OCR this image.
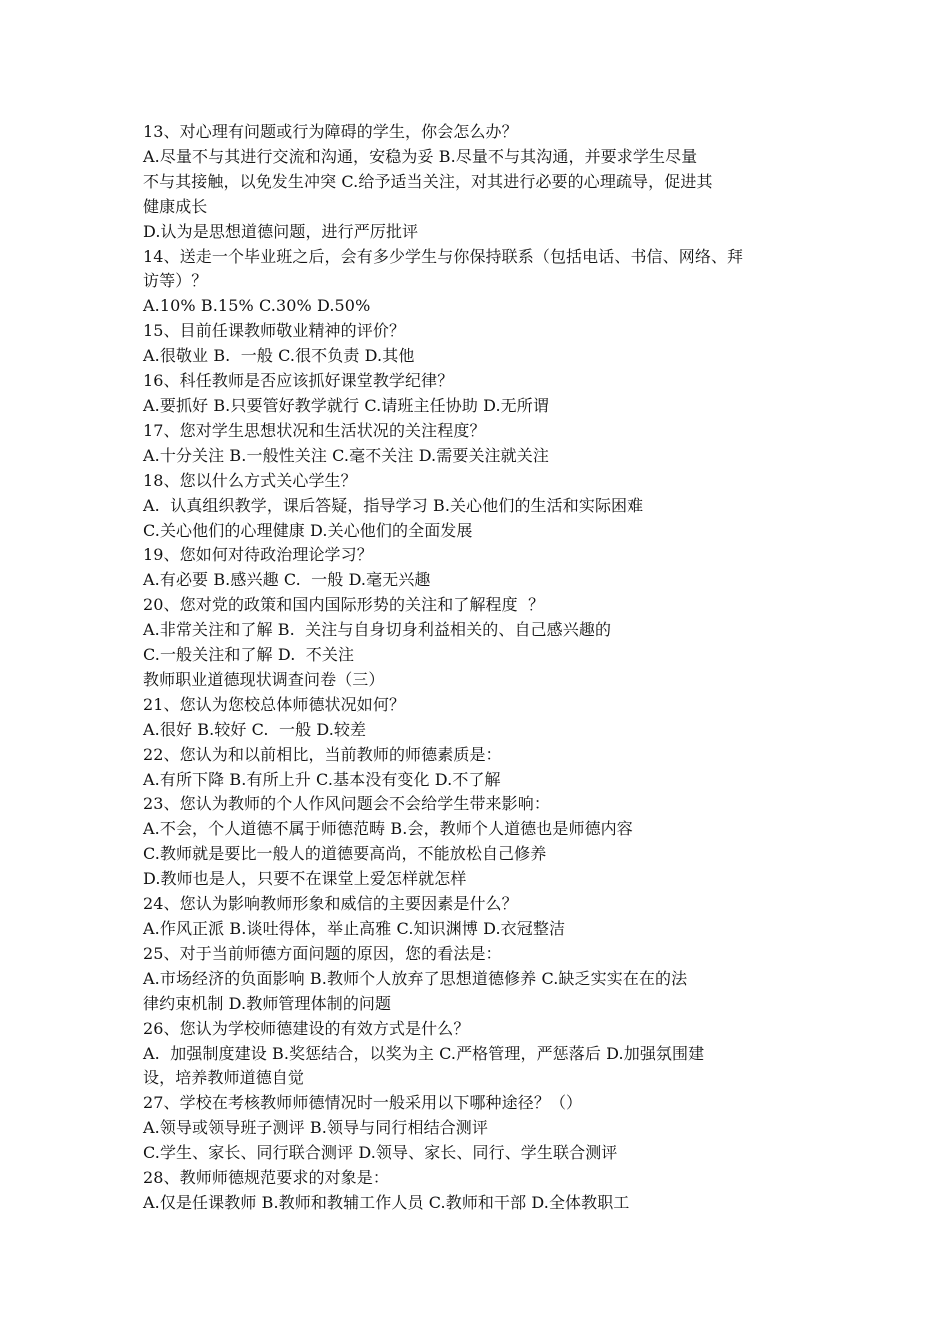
13、对心理有问题或行为障碍的学生，你会怎么办？

A.尽量不与其进行交流和沟通，安稳为妥 B.尽量不与其沟通，并要求学生尽量

不与其接触，以免发生冲突 C.给予适当关注，对其进行必要的心理疏导，促进其

健康成长

D.认为是思想道德问题，进行严厉批评

14、送走一个毕业班之后，会有多少学生与你保持联系（包括电话、书信、网络、拜

访等）？

A.10% B.15% C.30% D.50%

15、目前任课教师敬业精神的评价？

A.很敬业 B.  一般 C.很不负责 D.其他

16、科任教师是否应该抓好课堂教学纪律？

A.要抓好 B.只要管好教学就行 C.请班主任协助 D.无所谓

17、您对学生思想状况和生活状况的关注程度？

A.十分关注 B.一般性关注 C.毫不关注 D.需要关注就关注

18、您以什么方式关心学生？

A.  认真组织教学，课后答疑，指导学习 B.关心他们的生活和实际困难

C.关心他们的心理健康 D.关心他们的全面发展

19、您如何对待政治理论学习？

A.有必要 B.感兴趣 C.  一般 D.毫无兴趣

20、您对党的政策和国内国际形势的关注和了解程度  ？

A.非常关注和了解 B.  关注与自身切身利益相关的、自己感兴趣的

C.一般关注和了解 D.  不关注

教师职业道德现状调查问卷（三）

21、您认为您校总体师德状况如何？

A.很好 B.较好 C.  一般 D.较差

22、您认为和以前相比，当前教师的师德素质是：

A.有所下降 B.有所上升 C.基本没有变化 D.不了解

23、您认为教师的个人作风问题会不会给学生带来影响：

A.不会，个人道德不属于师德范畴 B.会，教师个人道德也是师德内容

C.教师就是要比一般人的道德要高尚，不能放松自己修养

D.教师也是人，只要不在课堂上爱怎样就怎样

24、您认为影响教师形象和威信的主要因素是什么？

A.作风正派 B.谈吐得体，举止高雅 C.知识渊博 D.衣冠整洁

25、对于当前师德方面问题的原因，您的看法是：

A.市场经济的负面影响 B.教师个人放弃了思想道德修养 C.缺乏实实在在的法

律约束机制 D.教师管理体制的问题

26、您认为学校师德建设的有效方式是什么？

A.  加强制度建设 B.奖惩结合，以奖为主 C.严格管理，严惩落后 D.加强氛围建

设，培养教师道德自觉

27、学校在考核教师师德情况时一般采用以下哪种途径？（）

A.领导或领导班子测评 B.领导与同行相结合测评

C.学生、家长、同行联合测评 D.领导、家长、同行、学生联合测评

28、教师师德规范要求的对象是：

A.仅是任课教师 B.教师和教辅工作人员 C.教师和干部 D.全体教职工
